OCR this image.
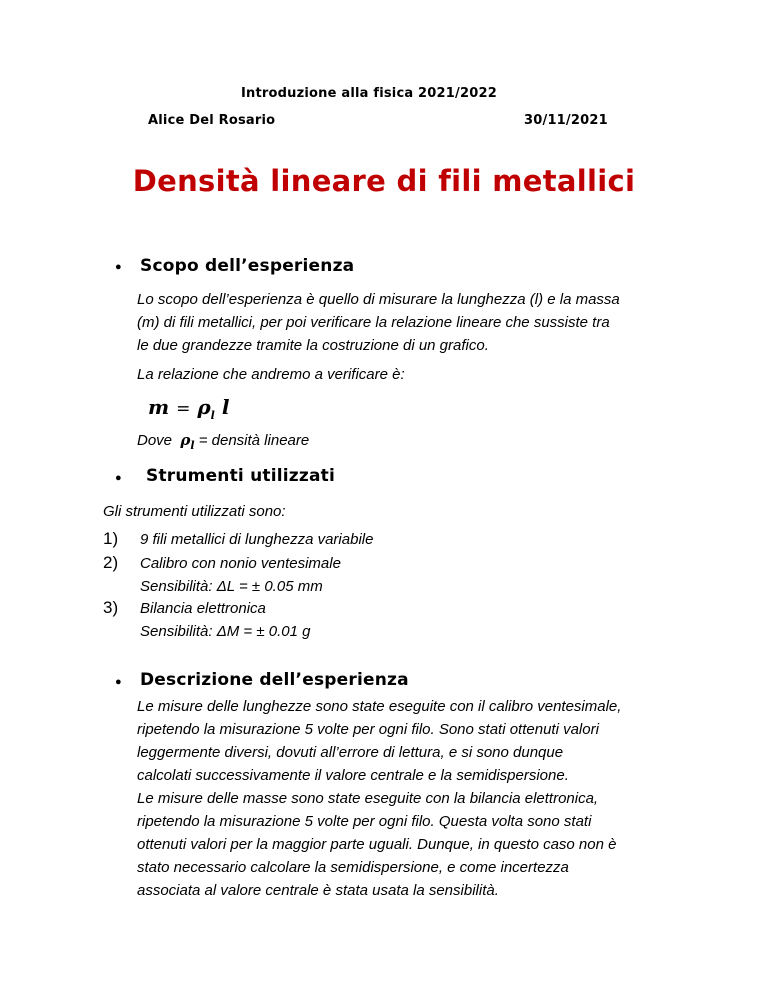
Introduzione alla fisica 2021/2022
Alice Del Rosario	30/11/2021
Densità lineare di fili metallici
● Scopo dell’esperienza
Lo scopo dell’esperienza è quello di misurare la lunghezza (l) e la massa
(m) di fili metallici, per poi verificare la relazione lineare che sussiste tra
le due grandezze tramite la costruzione di un grafico.
La relazione che andremo a verificare è:
$m = \rho_l$ l
Dove $\rho_l$ = densità lineare
● Strumenti utilizzati
Gli strumenti utilizzati sono:
1) 9 fili metallici di lunghezza variabile
2) Calibro con nonio ventesimale
Sensibilità: ΔL = ± 0.05 mm
3) Bilancia elettronica
Sensibilità: ΔM = ± 0.01 g
● Descrizione dell’esperienza
Le misure delle lunghezze sono state eseguite con il calibro ventesimale,
ripetendo la misurazione 5 volte per ogni filo. Sono stati ottenuti valori
leggermente diversi, dovuti all’errore di lettura, e si sono dunque
calcolati successivamente il valore centrale e la semidispersione.
Le misure delle masse sono state eseguite con la bilancia elettronica,
ripetendo la misurazione 5 volte per ogni filo. Questa volta sono stati
ottenuti valori per la maggior parte uguali. Dunque, in questo caso non è
stato necessario calcolare la semidispersione, e come incertezza
associata al valore centrale è stata usata la sensibilità.
